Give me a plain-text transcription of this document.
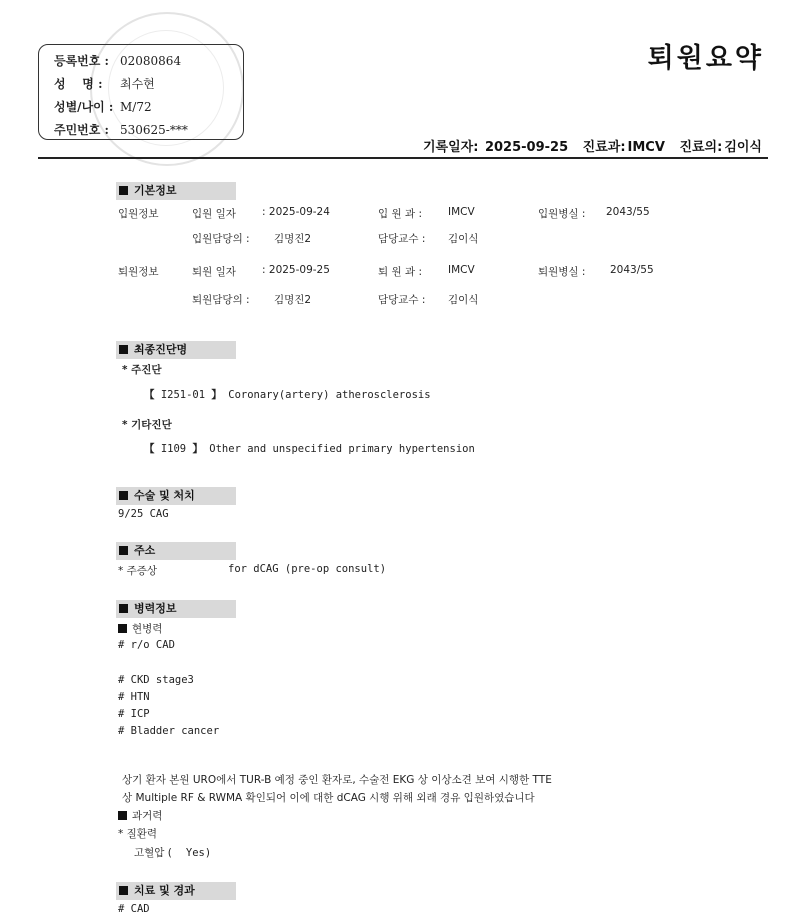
등록번호 : 02080864
성    명 : 최수현
성별/나이 : M/72
주민번호 : 530625-***
퇴원요약
기록일자: 2025-09-25 진료과: IMCV 진료의: 김이식
기본정보
입원정보	입원 일자 : 2025-09-24	입 원 과 : IMCV	입원병실 : 2043/55
입원담당의 : 김명진2	담당교수 : 김이식
퇴원정보	퇴원 일자 : 2025-09-25	퇴 원 과 : IMCV	퇴원병실 : 2043/55
퇴원담당의 : 김명진2	담당교수 : 김이식
최종진단명
* 주진단
【 I251-01 】 Coronary(artery) atherosclerosis
* 기타진단
【 I109 】 Other and unspecified primary hypertension
수술 및 처치
9/25 CAG
주소
* 주증상	for dCAG (pre-op consult)
병력정보
현병력
# r/o CAD
# CKD stage3
# HTN
# ICP
# Bladder cancer
상기 환자 본원 URO에서 TUR-B 예정 중인 환자로, 수술전 EKG 상 이상소견 보여 시행한 TTE
상 Multiple RF & RWMA 확인되어 이에 대한 dCAG 시행 위해 외래 경유 입원하였습니다
과거력
* 질환력
고혈압 ( Yes)
치료 및 경과
# CAD
